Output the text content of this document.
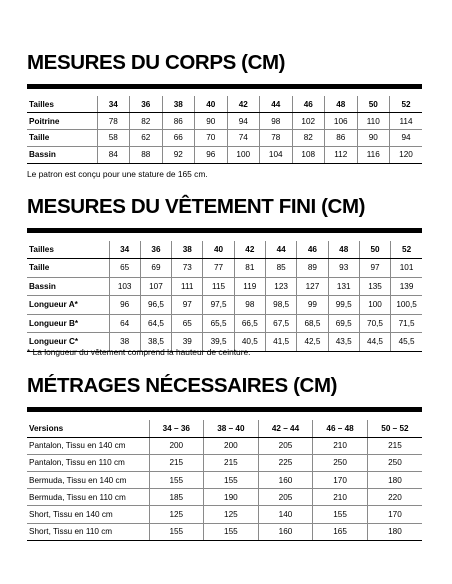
MESURES DU CORPS (CM)
Tailles	34	36	38	40	42	44	46	48	50	52
Poitrine	78	82	86	90	94	98	102	106	110	114
Taille	58	62	66	70	74	78	82	86	90	94
Bassin	84	88	92	96	100	104	108	112	116	120
Le patron est conçu pour une stature de 165 cm.
MESURES DU VÊTEMENT FINI (CM)
Tailles	34	36	38	40	42	44	46	48	50	52
Taille	65	69	73	77	81	85	89	93	97	101
Bassin	103	107	111	115	119	123	127	131	135	139
Longueur A*	96	96,5	97	97,5	98	98,5	99	99,5	100	100,5
Longueur B*	64	64,5	65	65,5	66,5	67,5	68,5	69,5	70,5	71,5
Longueur C*	38	38,5	39	39,5	40,5	41,5	42,5	43,5	44,5	45,5
* La longueur du vêtement comprend la hauteur de ceinture.
MÉTRAGES NÉCESSAIRES (CM)
Versions	34 – 36	38 – 40	42 – 44	46 – 48	50 – 52
Pantalon, Tissu en 140 cm	200	200	205	210	215
Pantalon, Tissu en 110 cm	215	215	225	250	250
Bermuda, Tissu en 140 cm	155	155	160	170	180
Bermuda, Tissu en 110 cm	185	190	205	210	220
Short, Tissu en 140 cm	125	125	140	155	170
Short, Tissu en 110 cm	155	155	160	165	180
